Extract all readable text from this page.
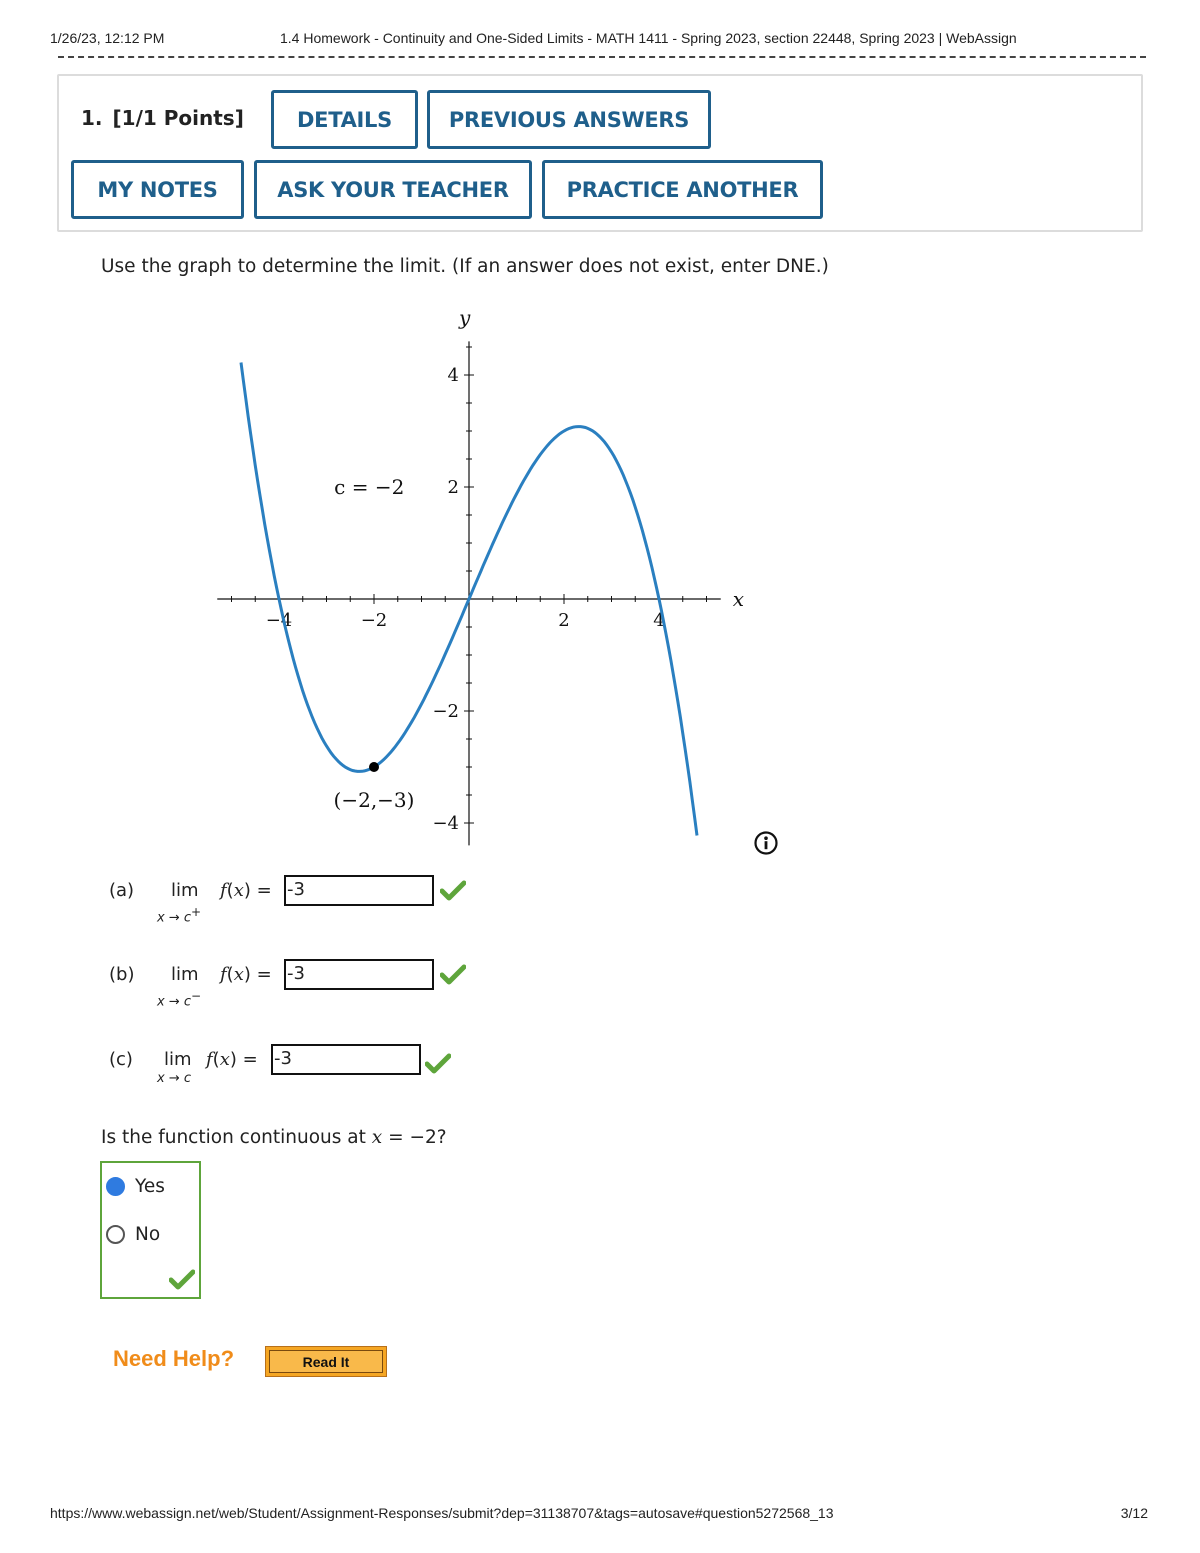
1/26/23, 12:12 PM	1.4 Homework - Continuity and One-Sided Limits - MATH 1411 - Spring 2023, section 22448, Spring 2023 | WebAssign
1. [1/1 Points]	DETAILS	PREVIOUS ANSWERS
MY NOTES	ASK YOUR TEACHER	PRACTICE ANOTHER
Use the graph to determine the limit. (If an answer does not exist, enter DNE.)
−4	−2	2	4
4
2
−2
−4
(−2,−3)
c = −2
x
y
(a) lim
x → c+
f(x) = -3
(b) lim
x → c−
f(x) = -3
(c) lim
x → c
f(x) = -3
Is the function continuous at x = −2?
Yes
No
Need Help?	Read It
https://www.webassign.net/web/Student/Assignment-Responses/submit?dep=31138707&tags=autosave#question5272568_13	3/12
